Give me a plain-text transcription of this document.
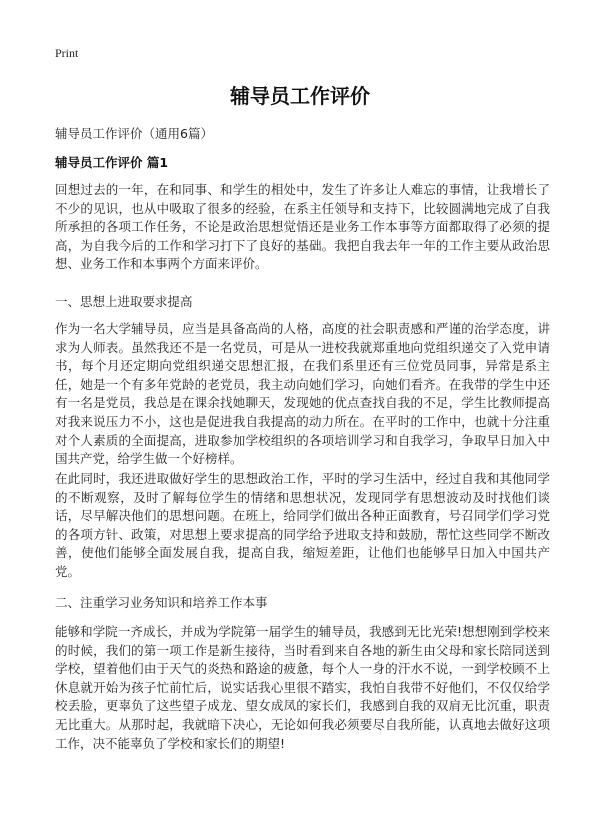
Print
辅导员工作评价

辅导员工作评价（通用6篇）

辅导员工作评价 篇1

回想过去的一年，在和同事、和学生的相处中，发生了许多让人难忘的事情，让我增长了不少的见识，也从中吸取了很多的经验，在系主任领导和支持下，比较圆满地完成了自我所承担的各项工作任务，不论是政治思想觉悟还是业务工作本事等方面都取得了必须的提高，为自我今后的工作和学习打下了良好的基础。我把自我去年一年的工作主要从政治思想、业务工作和本事两个方面来评价。

一、思想上进取要求提高

作为一名大学辅导员，应当是具备高尚的人格，高度的社会职责感和严谨的治学态度，讲求为人师表。虽然我还不是一名党员，可是从一进校我就郑重地向党组织递交了入党申请书，每个月还定期向党组织递交思想汇报，在我们系里还有三位党员同事，异常是系主任，她是一个有多年党龄的老党员，我主动向她们学习，向她们看齐。在我带的学生中还有一名是党员，我总是在课余找她聊天，发现她的优点查找自我的不足，学生比教师提高对我来说压力不小，这也是促进我自我提高的动力所在。在平时的工作中，也就十分注重对个人素质的全面提高，进取参加学校组织的各项培训学习和自我学习，争取早日加入中国共产党，给学生做一个好榜样。

在此同时，我还进取做好学生的思想政治工作，平时的学习生活中，经过自我和其他同学的不断观察，及时了解每位学生的情绪和思想状况，发现同学有思想波动及时找他们谈话，尽早解决他们的思想问题。在班上，给同学们做出各种正面教育，号召同学们学习党的各项方针、政策，对思想上要求提高的同学给予进取支持和鼓励，帮忙这些同学不断改善，使他们能够全面发展自我，提高自我，缩短差距，让他们也能够早日加入中国共产党。

二、注重学习业务知识和培养工作本事

能够和学院一齐成长，并成为学院第一届学生的辅导员，我感到无比光荣!想想刚到学校来的时候，我们的第一项工作是新生接待，当时看到来自各地的新生由父母和家长陪同送到学校，望着他们由于天气的炎热和路途的疲惫，每个人一身的汗水不说，一到学校顾不上休息就开始为孩子忙前忙后，说实话我心里很不踏实，我怕自我带不好他们，不仅仅给学校丢脸，更辜负了这些望子成龙、望女成凤的家长们，我感到自我的双肩无比沉重，职责无比重大。从那时起，我就暗下决心，无论如何我必须要尽自我所能，认真地去做好这项工作，决不能辜负了学校和家长们的期望!
